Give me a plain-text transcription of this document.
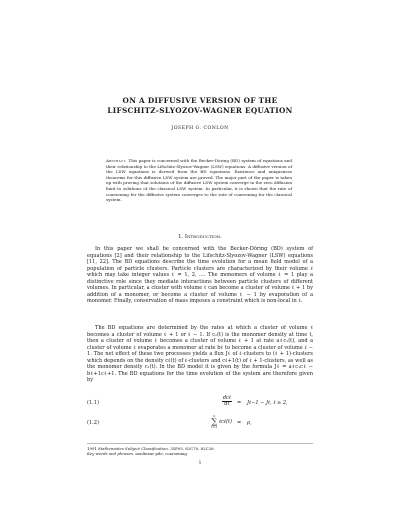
ON A DIFFUSIVE VERSION OF THE
LIFSCHITZ-SLYOZOV-WAGNER EQUATION
JOSEPH G. CONLON
Abstract. This paper is concerned with the Becker-Döring (BD) system of equations and their relationship to the Lifschitz-Slyozov-Wagner (LSW) equations. A diffusive version of the LSW equations is derived from the BD equations. Existence and uniqueness theorems for this diffusive LSW system are proved. The major part of the paper is taken up with proving that solutions of the diffusive LSW system converge in the zero diffusion limit to solutions of the classical LSW system. In particular, it is shown that the rate of coarsening for the diffusive system converges to the rate of coarsening for the classical system.
1. Introduction.

In this paper we shall be concerned with the Becker-Döring (BD) system of equations [2] and their relationship to the Lifschitz-Slyozov-Wagner (LSW) equations [11, 22]. The BD equations describe the time evolution for a mean field model of a population of particle clusters. Particle clusters are characterized by their volume ℓ which may take integer values ℓ = 1, 2, .... The monomers of volume ℓ = 1 play a distinctive role since they mediate interactions between particle clusters of different volumes. In particular, a cluster with volume ℓ can become a cluster of volume ℓ + 1 by addition of a monomer, or become a cluster of volume ℓ − 1 by evaporation of a monomer. Finally, conservation of mass imposes a constraint which is non-local in ℓ.

The BD equations are determined by the rates at which a cluster of volume ℓ becomes a cluster of volume ℓ + 1 or ℓ − 1. If c₁(t) is the monomer density at time t, then a cluster of volume ℓ becomes a cluster of volume ℓ + 1 at rate aℓc₁(t), and a cluster of volume ℓ evaporates a monomer at rate bℓ to become a cluster of volume ℓ − 1. The net effect of these two processes yields a flux Jℓ of ℓ-clusters to (ℓ + 1)-clusters which depends on the density cℓ(t) of ℓ-clusters and cℓ+1(t) of ℓ + 1-clusters, as well as the monomer density c₁(t). In the BD model it is given by the formula Jℓ = aℓc₁cℓ − bℓ+1cℓ+1. The BD equations for the time evolution of the system are therefore given by

(1.1)	$\frac{\text{dcℓ}}{dt}$ = Jℓ−1 − Jℓ, ℓ ≥ 2,
(1.2)
∞
∑
ℓ=1
ℓcℓ(t) = ρ,
1991 Mathematics Subject Classification. 35F05, 82C70, 82C26.
Key words and phrases. nonlinear pde, coarsening.
1
